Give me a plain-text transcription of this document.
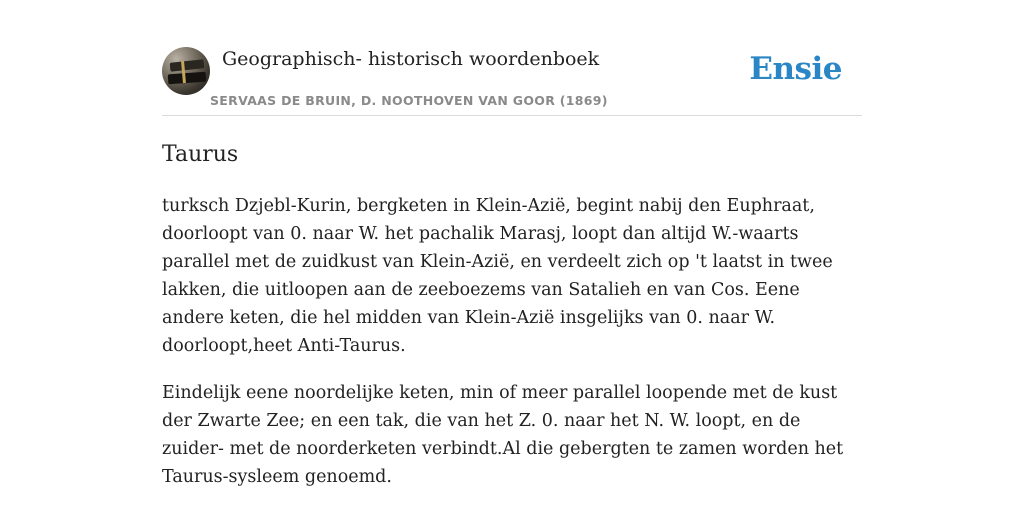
Geographisch- historisch woordenboek
SERVAAS DE BRUIN, D. NOOTHOVEN VAN GOOR (1869)
Ensie
Taurus

turksch Dzjebl-Kurin, bergketen in Klein-Azië, begint nabij den Euphraat, doorloopt van 0. naar W. het pachalik Marasj, loopt dan altijd W.-waarts parallel met de zuidkust van Klein-Azië, en verdeelt zich op 't laatst in twee lakken, die uitloopen aan de zeeboezems van Satalieh en van Cos. Eene andere keten, die hel midden van Klein-Azië insgelijks van 0. naar W. doorloopt,heet Anti-Taurus.

Eindelijk eene noordelijke keten, min of meer parallel loopende met de kust der Zwarte Zee; en een tak, die van het Z. 0. naar het N. W. loopt, en de zuider- met de noorderketen verbindt.Al die gebergten te zamen worden het Taurus-sysleem genoemd.
